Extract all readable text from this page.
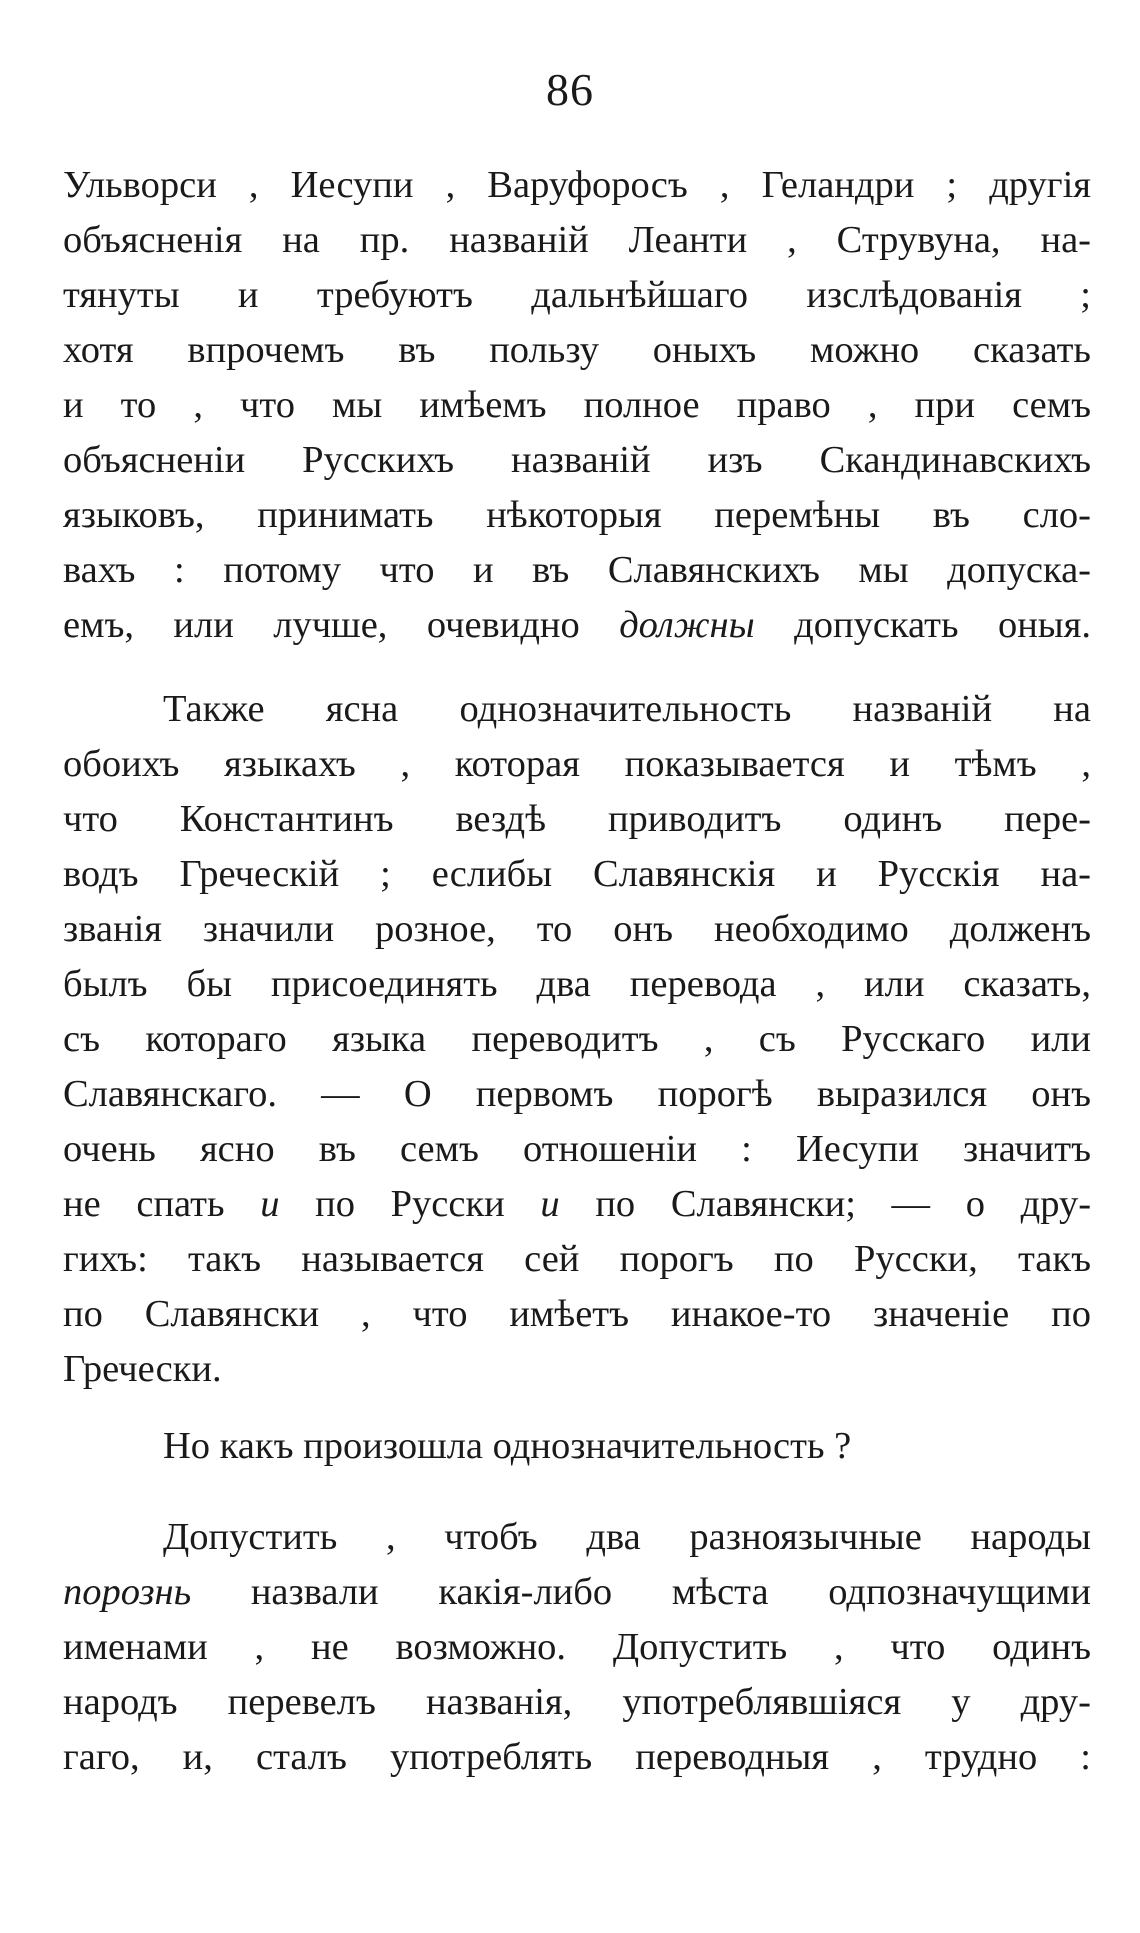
86
Ульворси , Иесупи , Варуфоросъ , Геландри ; другія
объясненія на пр. названій Леанти , Струвуна, на-
тянуты и требуютъ дальнѣйшаго изслѣдованія ;
хотя впрочемъ въ пользу оныхъ можно сказать
и то , что мы имѣемъ полное право , при семъ
объясненіи Русскихъ названій изъ Скандинавскихъ
языковъ, принимать нѣкоторыя перемѣны въ сло-
вахъ : потому что и въ Славянскихъ мы допуска-
емъ, или лучше, очевидно должны допускать оныя.
Также ясна однозначительность названій на
обоихъ языкахъ , которая показывается и тѣмъ ,
что Константинъ вездѣ приводитъ одинъ пере-
водъ Греческій ; еслибы Славянскія и Русскія на-
званія значили розное, то онъ необходимо долженъ
былъ бы присоединять два перевода , или сказать,
съ котораго языка переводитъ , съ Русскаго или
Славянскаго. — О первомъ порогѣ выразился онъ
очень ясно въ семъ отношеніи : Иесупи значитъ
не спать и по Русски и по Славянски; — о дру-
гихъ: такъ называется сей порогъ по Русски, такъ
по Славянски , что имѣетъ инакое-то значеніе по
Гречески.
Но какъ произошла однозначительность ?
Допустить , чтобъ два разноязычные народы
порознь назвали какія-либо мѣста одпозначущими
именами , не возможно. Допустить , что одинъ
народъ перевелъ названія, употреблявшіяся у дру-
гаго, и, сталъ употреблять переводныя , трудно :
